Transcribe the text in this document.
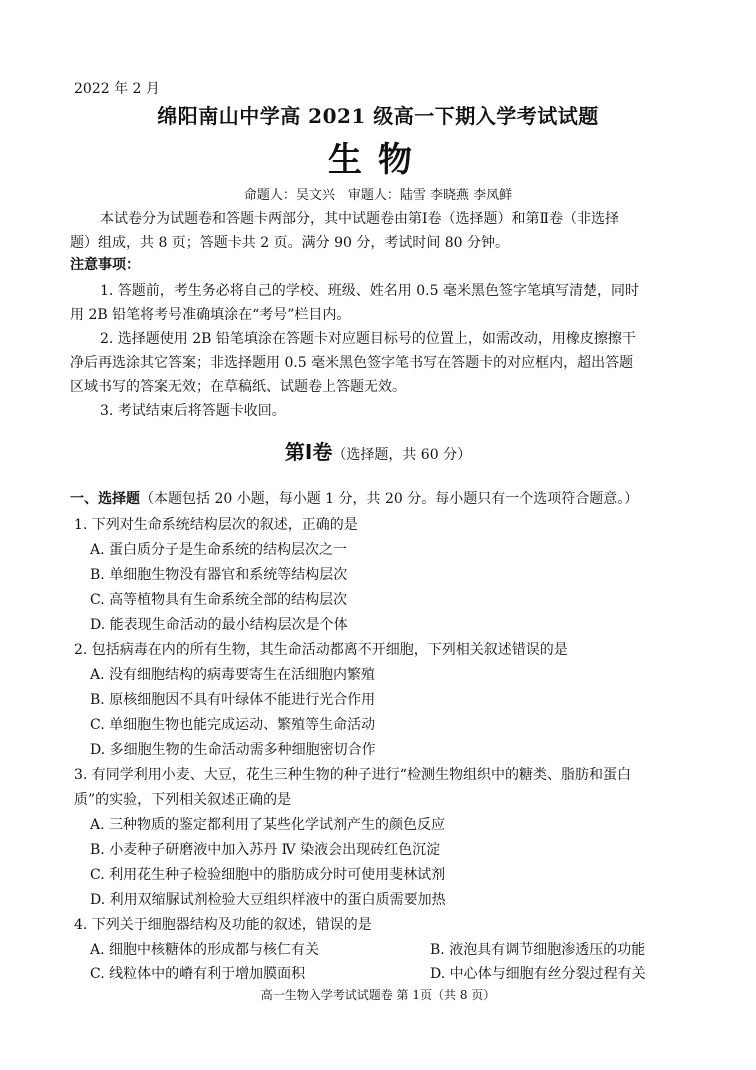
2022 年 2 月
绵阳南山中学高 2021 级高一下期入学考试试题
生物
命题人：吴文兴　审题人：陆雪 李晓燕 李凤鲜
本试卷分为试题卷和答题卡两部分，其中试题卷由第Ⅰ卷（选择题）和第Ⅱ卷（非选择
题）组成，共 8 页；答题卡共 2 页。满分 90 分，考试时间 80 分钟。
注意事项：
1. 答题前，考生务必将自己的学校、班级、姓名用 0.5 毫米黑色签字笔填写清楚，同时
用 2B 铅笔将考号准确填涂在“考号”栏目内。
2. 选择题使用 2B 铅笔填涂在答题卡对应题目标号的位置上，如需改动，用橡皮擦擦干
净后再选涂其它答案；非选择题用 0.5 毫米黑色签字笔书写在答题卡的对应框内，超出答题
区域书写的答案无效；在草稿纸、试题卷上答题无效。
3. 考试结束后将答题卡收回。
第Ⅰ卷（选择题，共 60 分）
一、选择题（本题包括 20 小题，每小题 1 分，共 20 分。每小题只有一个选项符合题意。）
1. 下列对生命系统结构层次的叙述，正确的是
A. 蛋白质分子是生命系统的结构层次之一
B. 单细胞生物没有器官和系统等结构层次
C. 高等植物具有生命系统全部的结构层次
D. 能表现生命活动的最小结构层次是个体
2. 包括病毒在内的所有生物，其生命活动都离不开细胞，下列相关叙述错误的是
A. 没有细胞结构的病毒要寄生在活细胞内繁殖
B. 原核细胞因不具有叶绿体不能进行光合作用
C. 单细胞生物也能完成运动、繁殖等生命活动
D. 多细胞生物的生命活动需多种细胞密切合作
3. 有同学利用小麦、大豆，花生三种生物的种子进行“检测生物组织中的糖类、脂肪和蛋白
质”的实验，下列相关叙述正确的是
A. 三种物质的鉴定都利用了某些化学试剂产生的颜色反应
B. 小麦种子研磨液中加入苏丹 Ⅳ 染液会出现砖红色沉淀
C. 利用花生种子检验细胞中的脂肪成分时可使用斐林试剂
D. 利用双缩脲试剂检验大豆组织样液中的蛋白质需要加热
4. 下列关于细胞器结构及功能的叙述，错误的是
A. 细胞中核糖体的形成都与核仁有关	B. 液泡具有调节细胞渗透压的功能
C. 线粒体中的嵴有利于增加膜面积	D. 中心体与细胞有丝分裂过程有关
高一生物入学考试试题卷 第 1页（共 8 页）
